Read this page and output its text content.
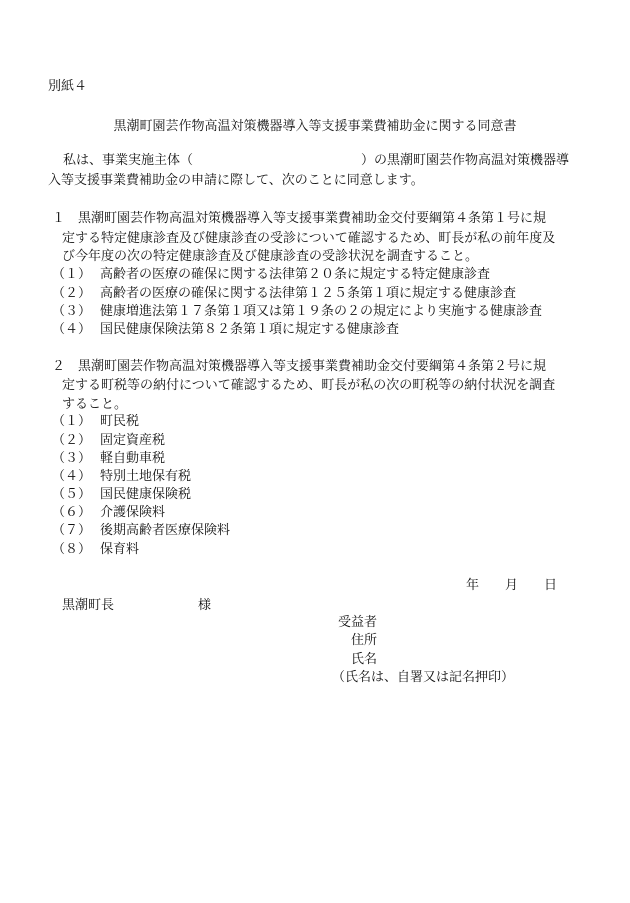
別紙４
黒潮町園芸作物高温対策機器導入等支援事業費補助金に関する同意書
私は、事業実施主体（	）の黒潮町園芸作物高温対策機器導
入等支援事業費補助金の申請に際して、次のことに同意します。
１　黒潮町園芸作物高温対策機器導入等支援事業費補助金交付要綱第４条第１号に規
定する特定健康診査及び健康診査の受診について確認するため、町長が私の前年度及
び今年度の次の特定健康診査及び健康診査の受診状況を調査すること。
（１） 高齢者の医療の確保に関する法律第２０条に規定する特定健康診査
（２） 高齢者の医療の確保に関する法律第１２５条第１項に規定する健康診査
（３） 健康増進法第１７条第１項又は第１９条の２の規定により実施する健康診査
（４） 国民健康保険法第８２条第１項に規定する健康診査
２　黒潮町園芸作物高温対策機器導入等支援事業費補助金交付要綱第４条第２号に規
定する町税等の納付について確認するため、町長が私の次の町税等の納付状況を調査
すること。
（１） 町民税
（２） 固定資産税
（３） 軽自動車税
（４） 特別土地保有税
（５） 国民健康保険税
（６） 介護保険料
（７） 後期高齢者医療保険料
（８） 保育料
年　　月　　日
黒潮町長	様
受益者
住所
氏名
（氏名は、自署又は記名押印）
